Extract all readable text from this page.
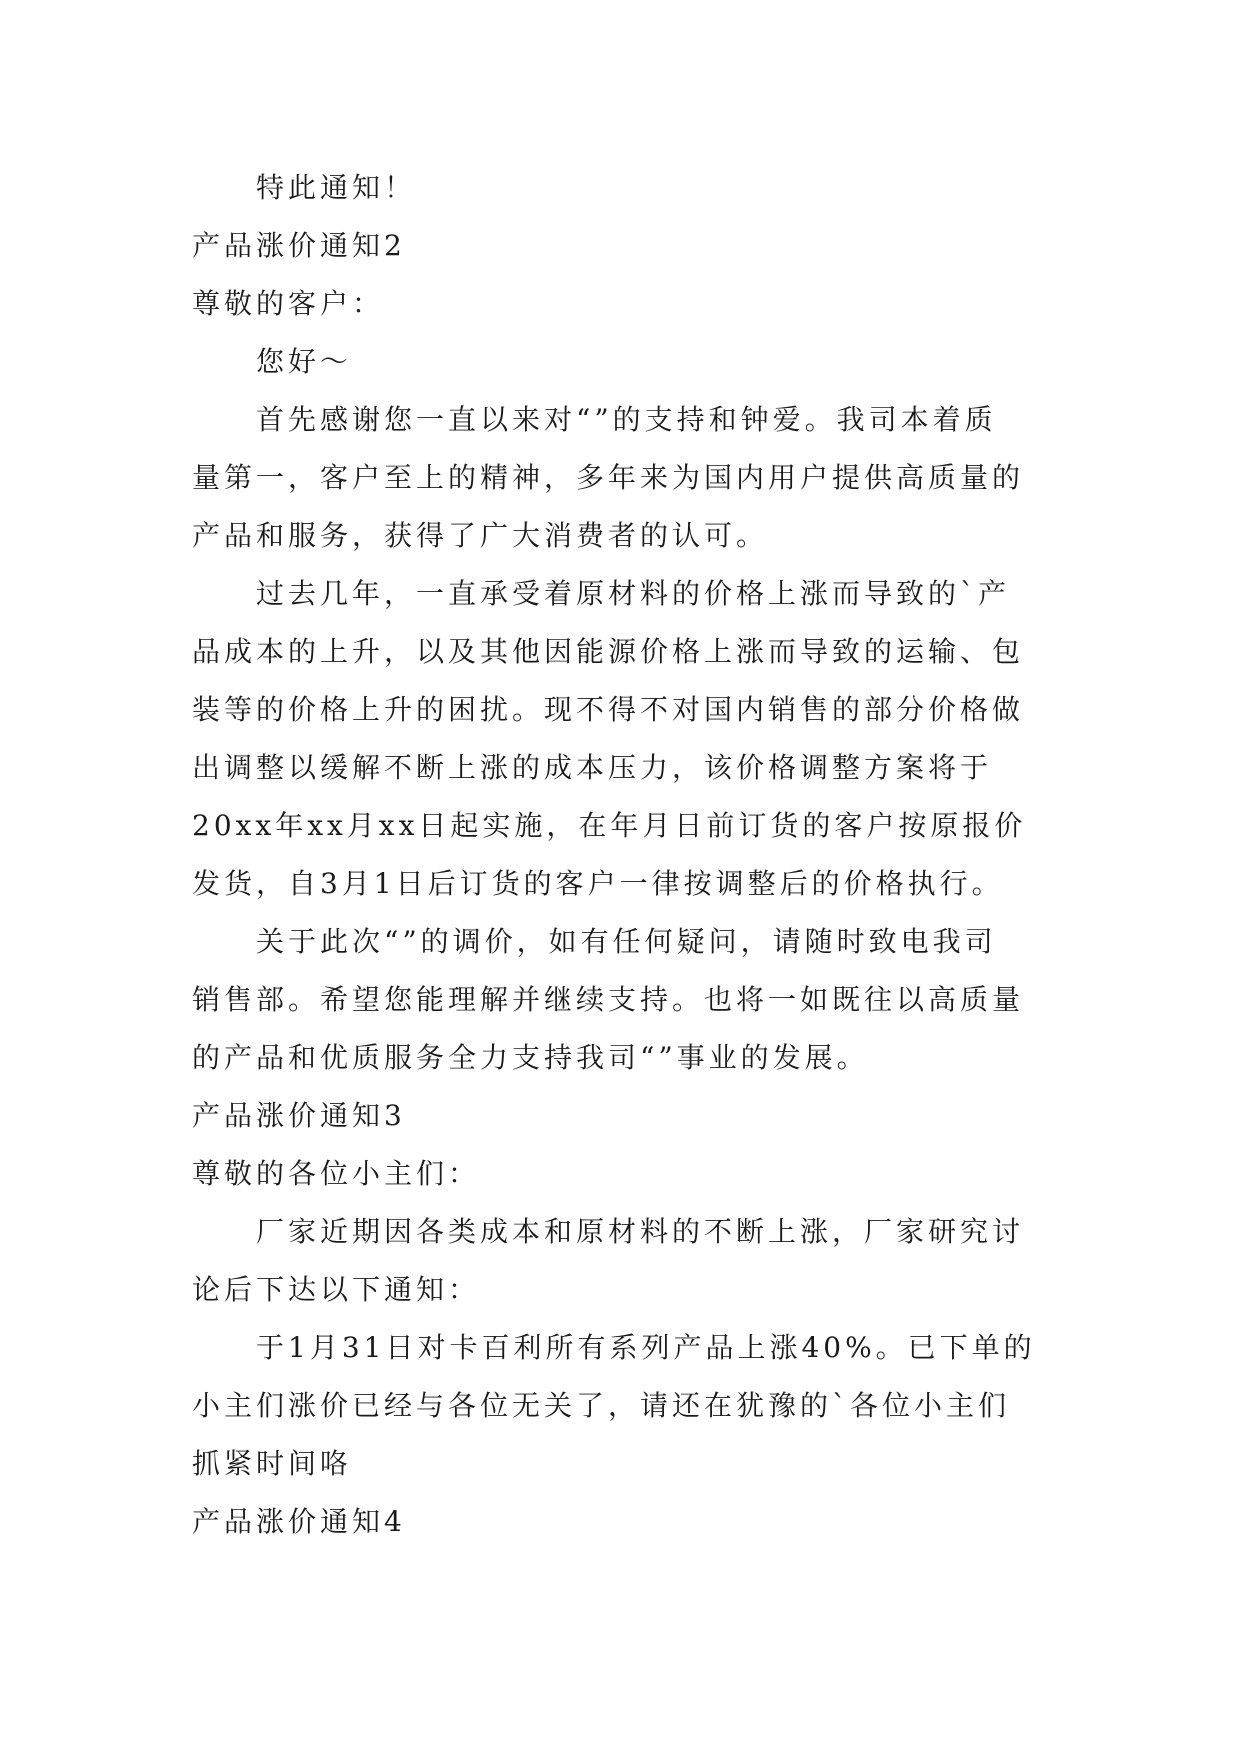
特此通知！
产品涨价通知2
尊敬的客户：
您好～
首先感谢您一直以来对“”的支持和钟爱。我司本着质
量第一，客户至上的精神，多年来为国内用户提供高质量的
产品和服务，获得了广大消费者的认可。
过去几年，一直承受着原材料的价格上涨而导致的`产
品成本的上升，以及其他因能源价格上涨而导致的运输、包
装等的价格上升的困扰。现不得不对国内销售的部分价格做
出调整以缓解不断上涨的成本压力，该价格调整方案将于
20xx年xx月xx日起实施，在年月日前订货的客户按原报价
发货，自3月1日后订货的客户一律按调整后的价格执行。
关于此次“”的调价，如有任何疑问，请随时致电我司
销售部。希望您能理解并继续支持。也将一如既往以高质量
的产品和优质服务全力支持我司“”事业的发展。
产品涨价通知3
尊敬的各位小主们：
厂家近期因各类成本和原材料的不断上涨，厂家研究讨
论后下达以下通知：
于1月31日对卡百利所有系列产品上涨40%。已下单的
小主们涨价已经与各位无关了，请还在犹豫的`各位小主们
抓紧时间咯
产品涨价通知4
